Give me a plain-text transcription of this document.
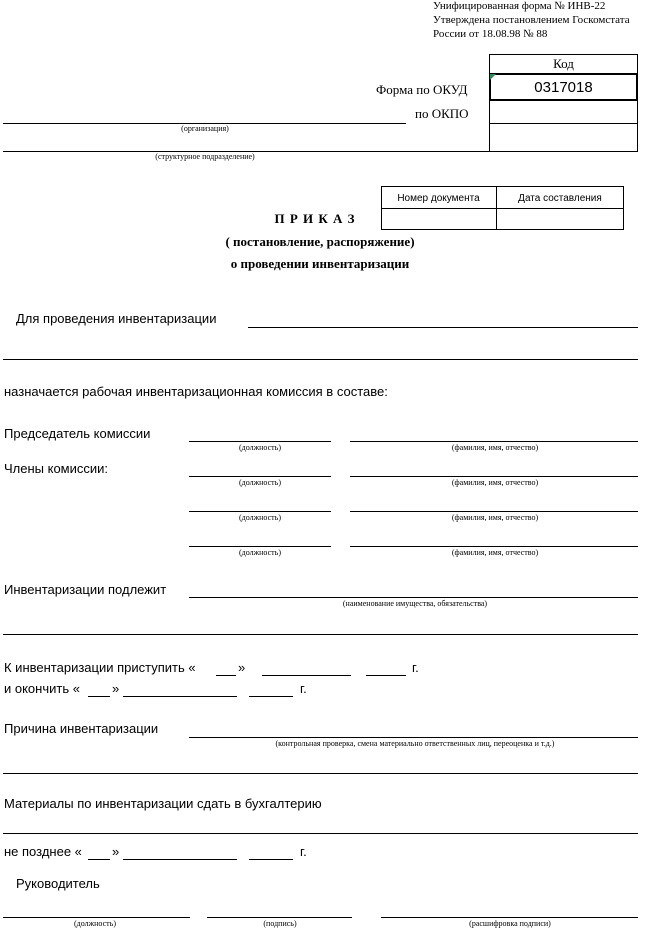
Унифицированная форма № ИНВ-22
Утверждена постановлением Госкомстата
России от 18.08.98 № 88
Код
0317018
Форма по ОКУД
по ОКПО
(организация)
(структурное подразделение)
Номер документа	Дата составления
П Р И К А З
( постановление, распоряжение)
о проведении инвентаризации
Для проведения инвентаризации
назначается рабочая инвентаризационная комиссия в составе:
Председатель комиссии
(должность)	(фамилия, имя, отчество)
Члены комиссии:
(должность)	(фамилия, имя, отчество)
(должность)	(фамилия, имя, отчество)
(должность)	(фамилия, имя, отчество)
Инвентаризации подлежит
(наименование имущества, обязательства)
К инвентаризации приступить «	»	г.
и окончить « »	г.
Причина инвентаризации
(контрольная проверка, смена материально ответственных лиц, переоценка и т.д.)
Материалы по инвентаризации сдать в бухгалтерию
не позднее « »	г.
Руководитель
(должность)	(подпись)	(расшифровка подписи)
